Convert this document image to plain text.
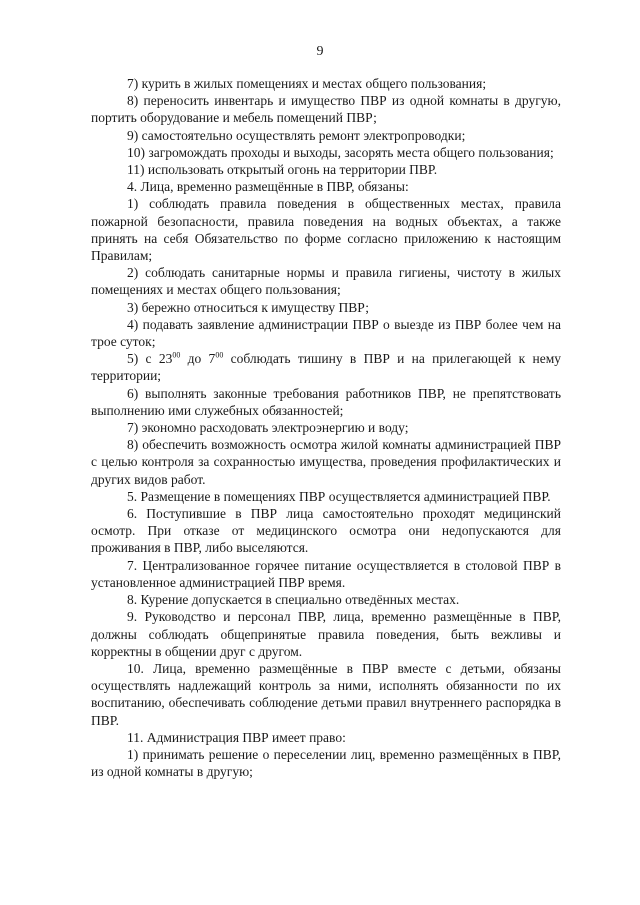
9

7) курить в жилых помещениях и местах общего пользования;

8) переносить инвентарь и имущество ПВР из одной комнаты в другую, портить оборудование и мебель помещений ПВР;

9) самостоятельно осуществлять ремонт электропроводки;

10) загромождать проходы и выходы, засорять места общего пользования;

11) использовать открытый огонь на территории ПВР.

4. Лица, временно размещённые в ПВР, обязаны:

1) соблюдать правила поведения в общественных местах, правила пожарной безопасности, правила поведения на водных объектах, а также принять на себя Обязательство по форме согласно приложению к настоящим Правилам;

2) соблюдать санитарные нормы и правила гигиены, чистоту в жилых помещениях и местах общего пользования;

3) бережно относиться к имуществу ПВР;

4) подавать заявление администрации ПВР о выезде из ПВР более чем на трое суток;

5) с $23^{00}$ до $7^{00}$ соблюдать тишину в ПВР и на прилегающей к нему территории;

6) выполнять законные требования работников ПВР, не препятствовать выполнению ими служебных обязанностей;

7) экономно расходовать электроэнергию и воду;

8) обеспечить возможность осмотра жилой комнаты администрацией ПВР с целью контроля за сохранностью имущества, проведения профилактических и других видов работ.

5. Размещение в помещениях ПВР осуществляется администрацией ПВР.

6. Поступившие в ПВР лица самостоятельно проходят медицинский осмотр. При отказе от медицинского осмотра они недопускаются для проживания в ПВР, либо выселяются.

7. Централизованное горячее питание осуществляется в столовой ПВР в установленное администрацией ПВР время.

8. Курение допускается в специально отведённых местах.

9. Руководство и персонал ПВР, лица, временно размещённые в ПВР, должны соблюдать общепринятые правила поведения, быть вежливы и корректны в общении друг с другом.

10. Лица, временно размещённые в ПВР вместе с детьми, обязаны осуществлять надлежащий контроль за ними, исполнять обязанности по их воспитанию, обеспечивать соблюдение детьми правил внутреннего распорядка в ПВР.

11. Администрация ПВР имеет право:

1) принимать решение о переселении лиц, временно размещённых в ПВР, из одной комнаты в другую;
